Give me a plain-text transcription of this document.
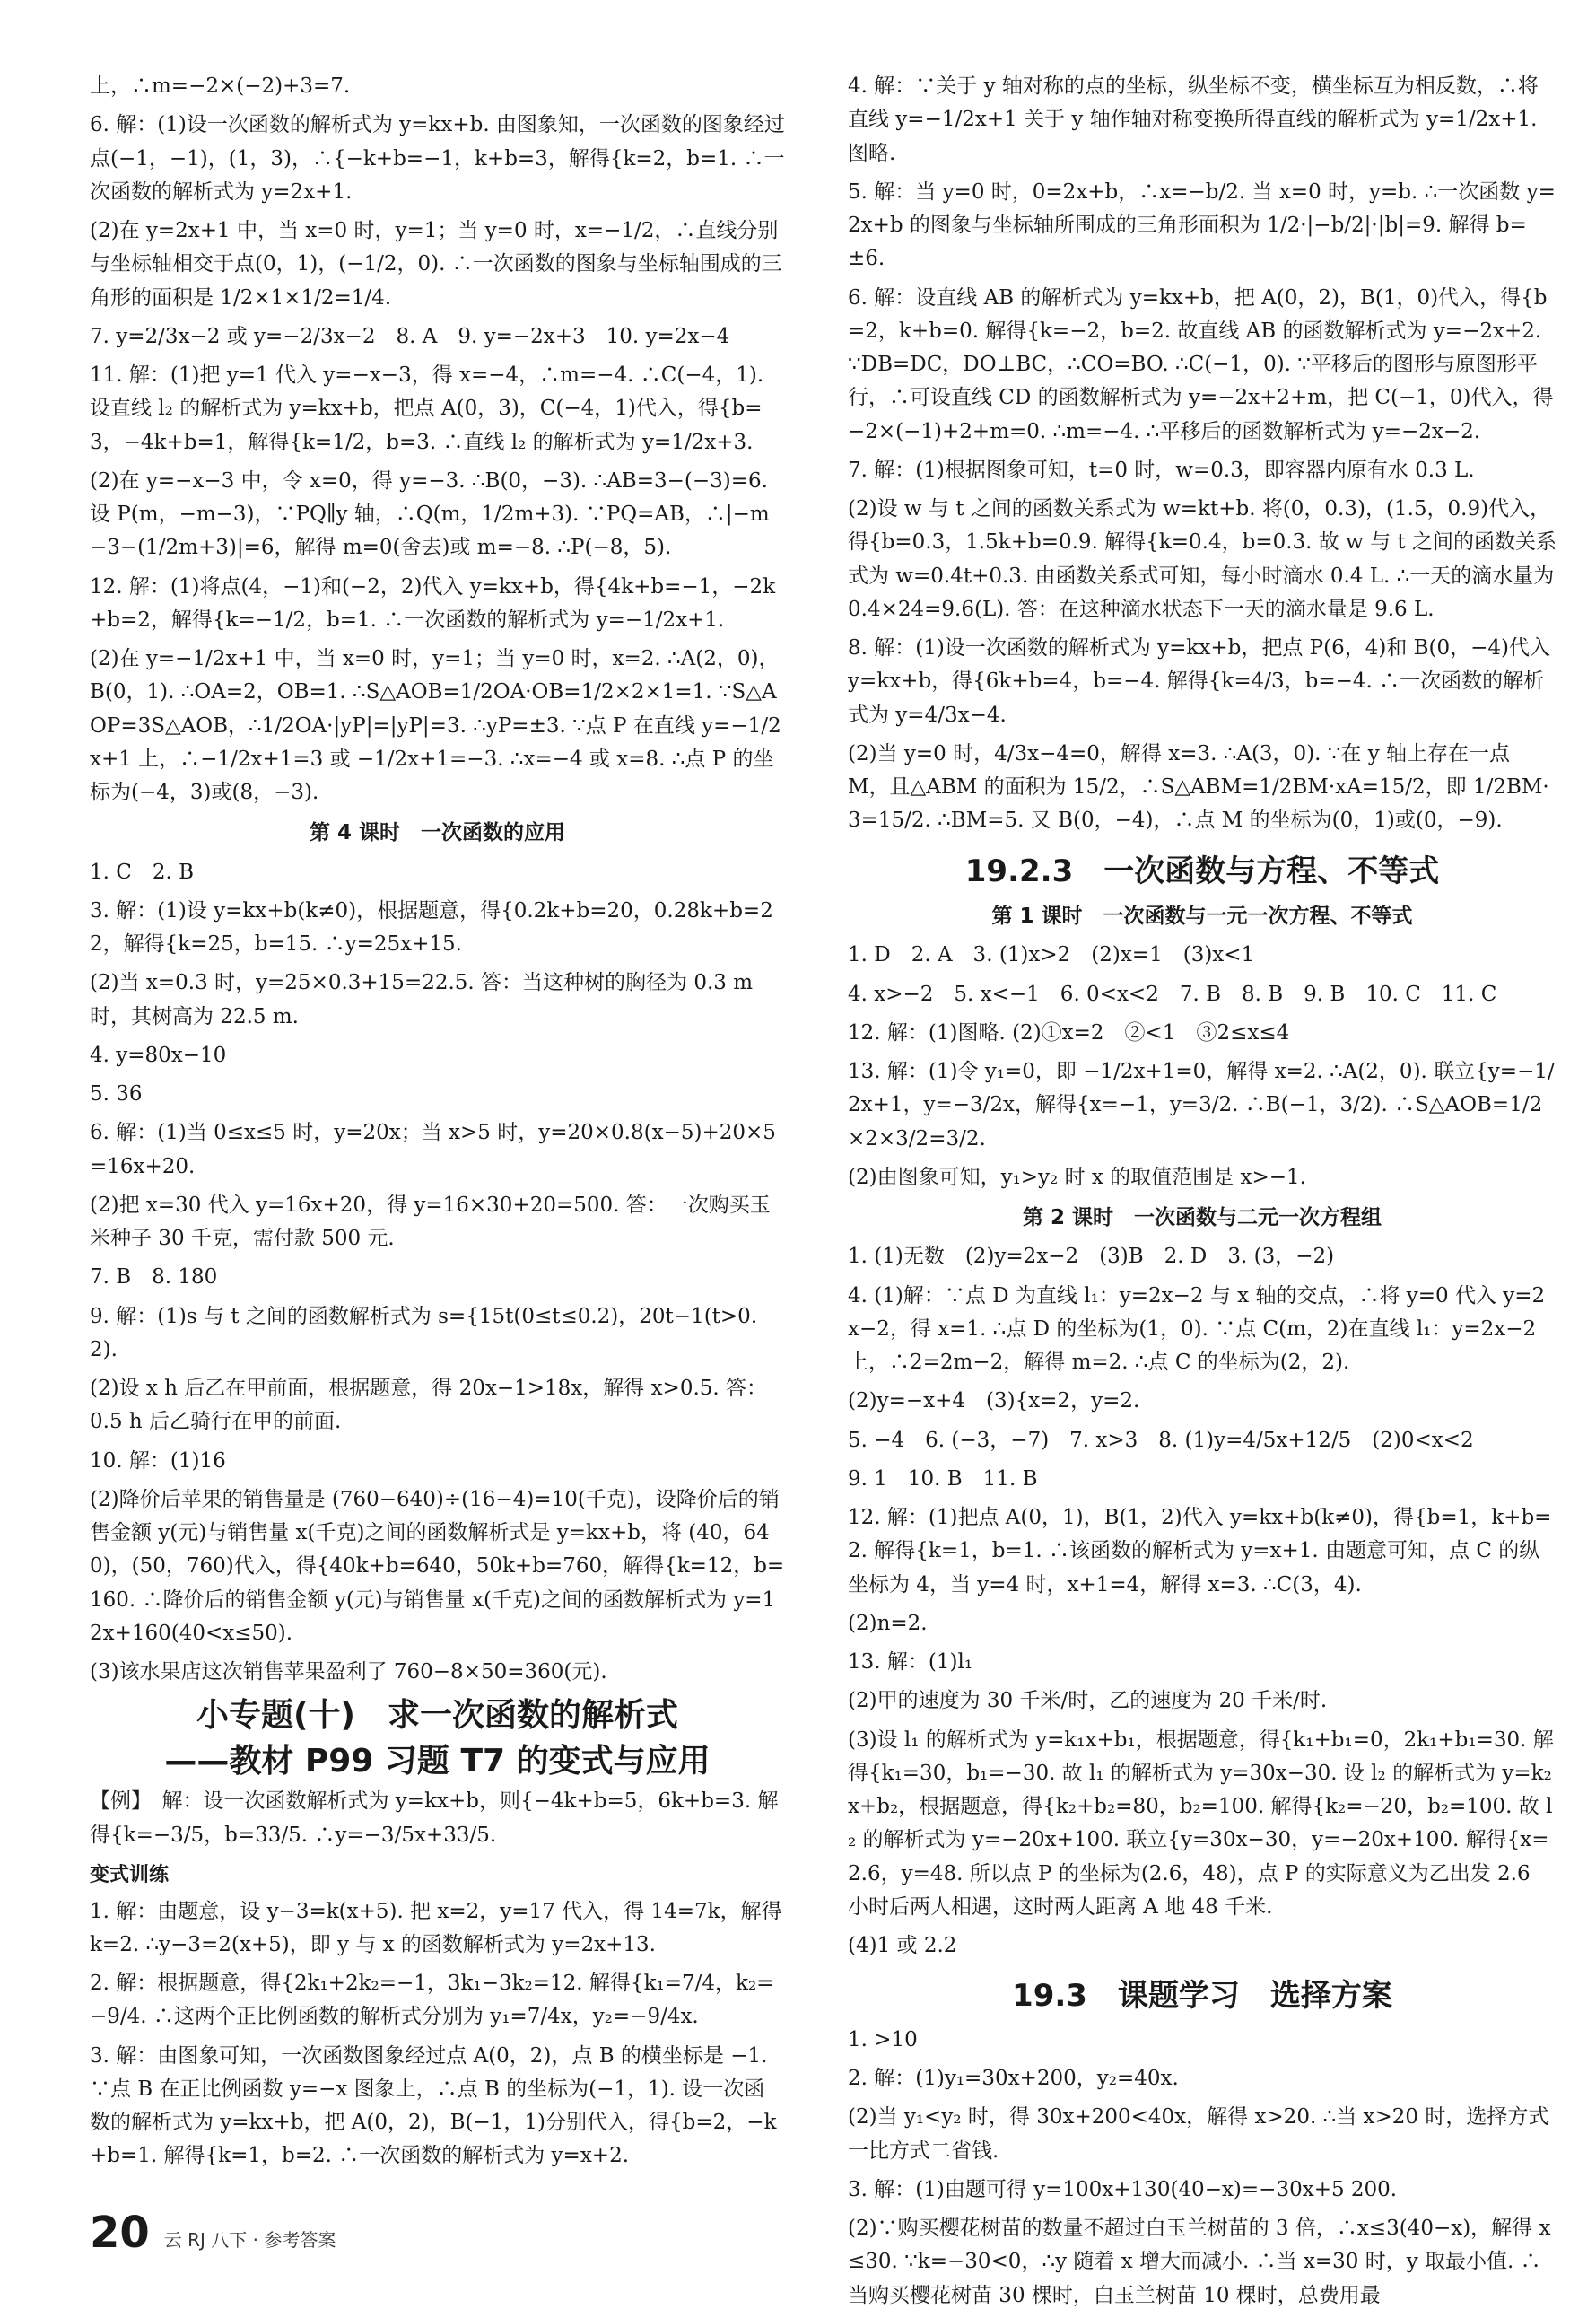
上，∴m=−2×(−2)+3=7.
6. 解：(1)设一次函数的解析式为 y=kx+b. 由图象知，一次函数的图象经过点(−1，−1)，(1，3)，∴{−k+b=−1，k+b=3，解得{k=2，b=1. ∴一次函数的解析式为 y=2x+1.
(2)在 y=2x+1 中，当 x=0 时，y=1；当 y=0 时，x=−1/2，∴直线分别与坐标轴相交于点(0，1)，(−1/2，0). ∴一次函数的图象与坐标轴围成的三角形的面积是 1/2×1×1/2=1/4.
7. y=2/3x−2 或 y=−2/3x−2　8. A　9. y=−2x+3　10. y=2x−4
11. 解：(1)把 y=1 代入 y=−x−3，得 x=−4，∴m=−4. ∴C(−4，1). 设直线 l₂ 的解析式为 y=kx+b，把点 A(0，3)，C(−4，1)代入，得{b=3，−4k+b=1，解得{k=1/2，b=3. ∴直线 l₂ 的解析式为 y=1/2x+3.
(2)在 y=−x−3 中，令 x=0，得 y=−3. ∴B(0，−3). ∴AB=3−(−3)=6. 设 P(m，−m−3)，∵PQ∥y 轴，∴Q(m，1/2m+3). ∵PQ=AB，∴|−m−3−(1/2m+3)|=6，解得 m=0(舍去)或 m=−8. ∴P(−8，5).
12. 解：(1)将点(4，−1)和(−2，2)代入 y=kx+b，得{4k+b=−1，−2k+b=2，解得{k=−1/2，b=1. ∴一次函数的解析式为 y=−1/2x+1.
(2)在 y=−1/2x+1 中，当 x=0 时，y=1；当 y=0 时，x=2. ∴A(2，0)，B(0，1). ∴OA=2，OB=1. ∴S△AOB=1/2OA·OB=1/2×2×1=1. ∵S△AOP=3S△AOB，∴1/2OA·|yP|=|yP|=3. ∴yP=±3. ∵点 P 在直线 y=−1/2x+1 上，∴−1/2x+1=3 或 −1/2x+1=−3. ∴x=−4 或 x=8. ∴点 P 的坐标为(−4，3)或(8，−3).
第 4 课时　一次函数的应用
1. C　2. B
3. 解：(1)设 y=kx+b(k≠0)，根据题意，得{0.2k+b=20，0.28k+b=22，解得{k=25，b=15. ∴y=25x+15.
(2)当 x=0.3 时，y=25×0.3+15=22.5. 答：当这种树的胸径为 0.3 m 时，其树高为 22.5 m.
4. y=80x−10
5. 36
6. 解：(1)当 0≤x≤5 时，y=20x；当 x>5 时，y=20×0.8(x−5)+20×5=16x+20.
(2)把 x=30 代入 y=16x+20，得 y=16×30+20=500. 答：一次购买玉米种子 30 千克，需付款 500 元.
7. B　8. 180
9. 解：(1)s 与 t 之间的函数解析式为 s={15t(0≤t≤0.2)，20t−1(t>0.2).
(2)设 x h 后乙在甲前面，根据题意，得 20x−1>18x，解得 x>0.5. 答：0.5 h 后乙骑行在甲的前面.
10. 解：(1)16
(2)降价后苹果的销售量是 (760−640)÷(16−4)=10(千克)，设降价后的销售金额 y(元)与销售量 x(千克)之间的函数解析式是 y=kx+b，将 (40，640)，(50，760)代入，得{40k+b=640，50k+b=760，解得{k=12，b=160. ∴降价后的销售金额 y(元)与销售量 x(千克)之间的函数解析式为 y=12x+160(40<x≤50).
(3)该水果店这次销售苹果盈利了 760−8×50=360(元).
小专题(十)　求一次函数的解析式
——教材 P99 习题 T7 的变式与应用
【例】　解：设一次函数解析式为 y=kx+b，则{−4k+b=5，6k+b=3. 解得{k=−3/5，b=33/5. ∴y=−3/5x+33/5.
变式训练
1. 解：由题意，设 y−3=k(x+5). 把 x=2，y=17 代入，得 14=7k，解得 k=2. ∴y−3=2(x+5)，即 y 与 x 的函数解析式为 y=2x+13.
2. 解：根据题意，得{2k₁+2k₂=−1，3k₁−3k₂=12. 解得{k₁=7/4，k₂=−9/4. ∴这两个正比例函数的解析式分别为 y₁=7/4x，y₂=−9/4x.
3. 解：由图象可知，一次函数图象经过点 A(0，2)，点 B 的横坐标是 −1. ∵点 B 在正比例函数 y=−x 图象上，∴点 B 的坐标为(−1，1). 设一次函数的解析式为 y=kx+b，把 A(0，2)，B(−1，1)分别代入，得{b=2，−k+b=1. 解得{k=1，b=2. ∴一次函数的解析式为 y=x+2.
4. 解：∵关于 y 轴对称的点的坐标，纵坐标不变，横坐标互为相反数，∴将直线 y=−1/2x+1 关于 y 轴作轴对称变换所得直线的解析式为 y=1/2x+1. 图略.
5. 解：当 y=0 时，0=2x+b，∴x=−b/2. 当 x=0 时，y=b. ∴一次函数 y=2x+b 的图象与坐标轴所围成的三角形面积为 1/2·|−b/2|·|b|=9. 解得 b=±6.
6. 解：设直线 AB 的解析式为 y=kx+b，把 A(0，2)，B(1，0)代入，得{b=2，k+b=0. 解得{k=−2，b=2. 故直线 AB 的函数解析式为 y=−2x+2. ∵DB=DC，DO⊥BC，∴CO=BO. ∴C(−1，0). ∵平移后的图形与原图形平行，∴可设直线 CD 的函数解析式为 y=−2x+2+m，把 C(−1，0)代入，得 −2×(−1)+2+m=0. ∴m=−4. ∴平移后的函数解析式为 y=−2x−2.
7. 解：(1)根据图象可知，t=0 时，w=0.3，即容器内原有水 0.3 L.
(2)设 w 与 t 之间的函数关系式为 w=kt+b. 将(0，0.3)，(1.5，0.9)代入，得{b=0.3，1.5k+b=0.9. 解得{k=0.4，b=0.3. 故 w 与 t 之间的函数关系式为 w=0.4t+0.3. 由函数关系式可知，每小时滴水 0.4 L. ∴一天的滴水量为 0.4×24=9.6(L). 答：在这种滴水状态下一天的滴水量是 9.6 L.
8. 解：(1)设一次函数的解析式为 y=kx+b，把点 P(6，4)和 B(0，−4)代入 y=kx+b，得{6k+b=4，b=−4. 解得{k=4/3，b=−4. ∴一次函数的解析式为 y=4/3x−4.
(2)当 y=0 时，4/3x−4=0，解得 x=3. ∴A(3，0). ∵在 y 轴上存在一点 M，且△ABM 的面积为 15/2，∴S△ABM=1/2BM·xA=15/2，即 1/2BM·3=15/2. ∴BM=5. 又 B(0，−4)，∴点 M 的坐标为(0，1)或(0，−9).
19.2.3　一次函数与方程、不等式
第 1 课时　一次函数与一元一次方程、不等式
1. D　2. A　3. (1)x>2　(2)x=1　(3)x<1
4. x>−2　5. x<−1　6. 0<x<2　7. B　8. B　9. B　10. C　11. C
12. 解：(1)图略. (2)①x=2　②<1　③2≤x≤4
13. 解：(1)令 y₁=0，即 −1/2x+1=0，解得 x=2. ∴A(2，0). 联立{y=−1/2x+1，y=−3/2x，解得{x=−1，y=3/2. ∴B(−1，3/2). ∴S△AOB=1/2×2×3/2=3/2.
(2)由图象可知，y₁>y₂ 时 x 的取值范围是 x>−1.
第 2 课时　一次函数与二元一次方程组
1. (1)无数　(2)y=2x−2　(3)B　2. D　3. (3，−2)
4. (1)解：∵点 D 为直线 l₁：y=2x−2 与 x 轴的交点，∴将 y=0 代入 y=2x−2，得 x=1. ∴点 D 的坐标为(1，0). ∵点 C(m，2)在直线 l₁：y=2x−2 上，∴2=2m−2，解得 m=2. ∴点 C 的坐标为(2，2).
(2)y=−x+4　(3){x=2，y=2.
5. −4　6. (−3，−7)　7. x>3　8. (1)y=4/5x+12/5　(2)0<x<2
9. 1　10. B　11. B
12. 解：(1)把点 A(0，1)，B(1，2)代入 y=kx+b(k≠0)，得{b=1，k+b=2. 解得{k=1，b=1. ∴该函数的解析式为 y=x+1. 由题意可知，点 C 的纵坐标为 4，当 y=4 时，x+1=4，解得 x=3. ∴C(3，4).
(2)n=2.
13. 解：(1)l₁
(2)甲的速度为 30 千米/时，乙的速度为 20 千米/时.
(3)设 l₁ 的解析式为 y=k₁x+b₁，根据题意，得{k₁+b₁=0，2k₁+b₁=30. 解得{k₁=30，b₁=−30. 故 l₁ 的解析式为 y=30x−30. 设 l₂ 的解析式为 y=k₂x+b₂，根据题意，得{k₂+b₂=80，b₂=100. 解得{k₂=−20，b₂=100. 故 l₂ 的解析式为 y=−20x+100. 联立{y=30x−30，y=−20x+100. 解得{x=2.6，y=48. 所以点 P 的坐标为(2.6，48)，点 P 的实际意义为乙出发 2.6 小时后两人相遇，这时两人距离 A 地 48 千米.
(4)1 或 2.2
19.3　课题学习　选择方案
1. >10
2. 解：(1)y₁=30x+200，y₂=40x.
(2)当 y₁<y₂ 时，得 30x+200<40x，解得 x>20. ∴当 x>20 时，选择方式一比方式二省钱.
3. 解：(1)由题可得 y=100x+130(40−x)=−30x+5 200.
(2)∵购买樱花树苗的数量不超过白玉兰树苗的 3 倍，∴x≤3(40−x)，解得 x≤30. ∵k=−30<0，∴y 随着 x 增大而减小. ∴当 x=30 时，y 取最小值. ∴当购买樱花树苗 30 棵时，白玉兰树苗 10 棵时，总费用最
20 云 RJ 八下 · 参考答案
